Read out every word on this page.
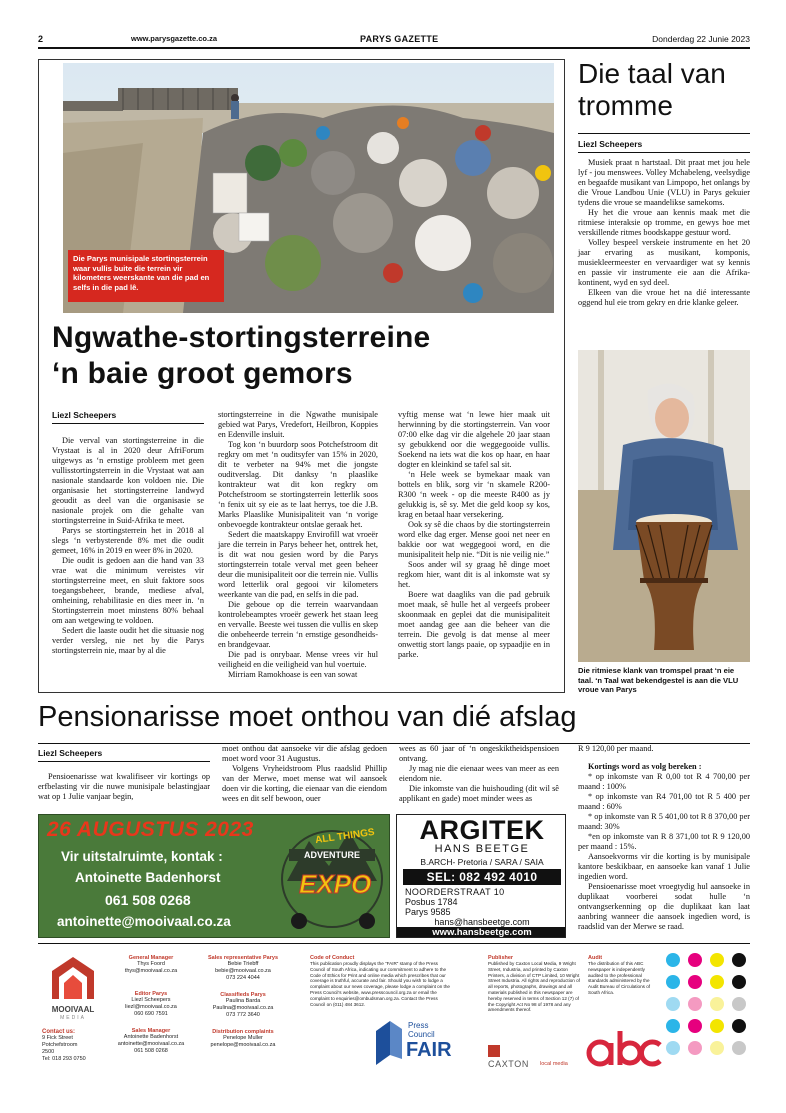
2	www.parysgazette.co.za	PARYS GAZETTE	Donderdag 22 Junie 2023
Die Parys munisipale stortingsterrein waar vullis buite die terrein vir kilometers weerskante van die pad en selfs in die pad lê.
Ngwathe-stortingsterreine
‘n baie groot gemors
Liezl Scheepers

Die verval van stortingsterreine in die Vrystaat is al in 2020 deur AfriForum uitgewys as ‘n ernstige probleem met geen vullisstortingsterrein in die Vrystaat wat aan nasionale standaarde kon voldoen nie. Die organisasie het stortingsterreine landwyd geoudit as deel van die organisasie se nasionale projek om die gehalte van stortingsterreine in Suid-Afrika te meet.

Parys se stortingsterrein het in 2018 al slegs ‘n verbysterende 8% met die oudit gemeet, 16% in 2019 en weer 8% in 2020.

Die oudit is gedoen aan die hand van 33 vrae wat die minimum vereistes vir stortingsterreine meet, en sluit faktore soos toegangsbeheer, brande, mediese afval, omheining, rehabilitasie en dies meer in. ‘n Stortingsterrein moet minstens 80% behaal om aan wetgewing te voldoen.

Sedert die laaste oudit het die situasie nog verder versleg, nie net by die Parys stortingsterrein nie, maar by al die

stortingsterreine in die Ngwathe munisipale gebied wat Parys, Vredefort, Heilbron, Koppies en Edenville insluit.

Tog kon ‘n buurdorp soos Potchefstroom dit regkry om met ‘n ouditsyfer van 15% in 2020, dit te verbeter na 94% met die jongste ouditverslag. Dit danksy ‘n plaaslike kontrakteur wat dit kon regkry om Potchefstroom se stortingsterrein letterlik soos ‘n fenix uit sy eie as te laat herrys, toe die J.B. Marks Plaaslike Munisipaliteit van ‘n vorige onbevoegde kontrakteur ontslae geraak het.

Sedert die maatskappy Envirofill wat vroeër jare die terrein in Parys beheer het, onttrek het, is dit wat nou gesien word by die Parys stortingsterrein totale verval met geen beheer deur die munisipaliteit oor die terrein nie. Vullis word letterlik oral gegooi vir kilometers weerkante van die pad, en selfs in die pad.

Die geboue op die terrein waarvandaan kontrolebeamptes vroeër gewerk het staan leeg en vervalle. Beeste wei tussen die vullis en skep die onbeheerde terrein ‘n ernstige gesondheids- en brandgevaar.

Die pad is onrybaar. Mense vrees vir hul veiligheid en die veiligheid van hul voertuie.

Mirriam Ramokhoase is een van sowat

vyftig mense wat ‘n lewe hier maak uit herwinning by die stortingsterrein. Van voor 07:00 elke dag vir die algehele 20 jaar staan sy gebukkend oor die weggegooide vullis. Soekend na iets wat die kos op haar, en haar dogter en kleinkind se tafel sal sit.

‘n Hele week se bymekaar maak van bottels en blik, sorg vir ‘n skamele R200-R300 ‘n week - op die meeste R400 as jy gelukkig is, sê sy. Met die geld koop sy kos, krag en betaal haar versekering.

Ook sy sê die chaos by die stortingsterrein word elke dag erger. Mense gooi net neer en bakkie oor wat weggegooi word, en die munisipaliteit help nie. “Dit is nie veilig nie.”

Soos ander wil sy graag hê dinge moet regkom hier, want dit is al inkomste wat sy het.

Boere wat daagliks van die pad gebruik moet maak, sê hulle het al vergeefs probeer skoonmaak en geplei dat die munisipaliteit moet aandag gee aan die beheer van die terrein. Die gevolg is dat mense al meer onwettig stort langs paaie, op sypaadjie en in parke.

Die taal van
tromme
Liezl Scheepers

Musiek praat n hartstaal. Dit praat met jou hele lyf - jou menswees. Volley Mchabeleng, veelsydige en begaafde musikant van Limpopo, het onlangs by die Vroue Landbou Unie (VLU) in Parys gekuier tydens die vroue se maandelikse samekoms.

Hy het die vroue aan kennis maak met die ritmiese interaksie op tromme, en gewys hoe met verskillende ritmes boodskappe gestuur word.

Volley bespeel verskeie instrumente en het 20 jaar ervaring as musikant, komponis, musiekleermeester en vervaardiger wat sy kennis en passie vir instrumente eie aan die Afrika-kontinent, wyd en syd deel.

Elkeen van die vroue het na dié interessante oggend hul eie trom gekry en drie klanke geleer.

Die ritmiese klank van tromspel praat ‘n eie taal. ‘n Taal wat bekendgestel is aan die VLU vroue van Parys
Pensionarisse moet onthou van dié afslag
Liezl Scheepers

Pensioenarisse wat kwalifiseer vir kortings op erfbelasting vir die nuwe munisipale belastingjaar wat op 1 Julie vanjaar begin,

moet onthou dat aansoeke vir die afslag gedoen moet word voor 31 Augustus.

Volgens Vryheidstroom Plus raadslid Phillip van der Merwe, moet mense wat wil aansoek doen vir die korting, die eienaar van die eiendom wees en dit self bewoon, ouer

wees as 60 jaar of ‘n ongeskiktheidspensioen ontvang.

Jy mag nie die eienaar wees van meer as een eiendom nie.

Die inkomste van die huishouding (dit wil sê applikant en gade) moet minder wees as

R 9 120,00 per maand.

Kortings word as volg bereken :

* op inkomste van R 0,00 tot R 4 700,00 per maand : 100%

* op inkomste van R4 701,00 tot R 5 400 per maand : 60%

* op inkomste van R 5 401,00 tot R 8 370,00 per maand: 30%

*en op inkomste van R 8 371,00 tot R 9 120,00 per maand : 15%.

Aansoekvorms vir die korting is by munisipale kantore beskikbaar, en aansoeke kan vanaf 1 Julie ingedien word.

Pensioenarisse moet vroegtydig hul aansoeke in duplikaat voorberei sodat hulle ‘n ontvangserkenning op die duplikaat kan laat aanbring wanneer die aansoek ingedien word, is raadslid van der Merwe se raad.

26 AUGUSTUS 2023
Vir uitstalruimte, kontak :
Antoinette Badenhorst
061 508 0268
antoinette@mooivaal.co.za
ALL THINGS
ADVENTURE
EXPO
ARGITEK
HANS BEETGE
B.ARCH- Pretoria / SARA / SAIA
SEL: 082 492 4010
NOORDERSTRAAT 10
Posbus 1784
Parys 9585
hans@hansbeetge.com
www.hansbeetge.com
MOOIVAAL
MEDIA
Contact us:
9 Fick Street
Potchefstroom
2500
Tel: 018 293 0750
General Manager
Thys Foord
thys@mooivaal.co.za
Editor Parys
Liezl Scheepers
liezl@mooivaal.co.za
060 690 7591
Sales Manager
Antoinette Badenhorst
antoinette@mooivaal.co.za
061 508 0268
Sales representative Parys
Bebie Triebff
bebie@mooivaal.co.za
073 224 4044
Classifieds Parys
Paulina Barda
Paulina@mooivaal.co.za
073 772 3640
Distribution complaints
Penelope Muller
penelope@mooivaal.co.za
Code of Conduct
This publication proudly displays the “FAIR” stamp of the Press Council of South Africa, indicating our commitment to adhere to the Code of Ethics for Print and online media which prescribes that our coverage is truthful, accurate and fair. Should you wish to lodge a complaint about our news coverage, please lodge a complaint on the Press Council’s website, www.presscouncil.org.za or email the complaint to enquiries@ombudsman.org.za. Contact the Press Council on (011) 484 3612.
Press
Council
FAIR
Publisher
Published by Caxton Local Media, 9 Wright Street, Industria, and printed by Caxton Printers, a division of CTP Limited, 10 Wright Street Industria. All rights and reproduction of all reports, photographs, drawings and all materials published in this newspaper are hereby reserved in terms of Section 12 (7) of the Copyright Act No 98 of 1978 and any amendments thereof.
CAXTON local media
Audit
The distribution of this ABC newspaper is independently audited to the professional standards administered by the Audit Bureau of Circulations of South Africa.
